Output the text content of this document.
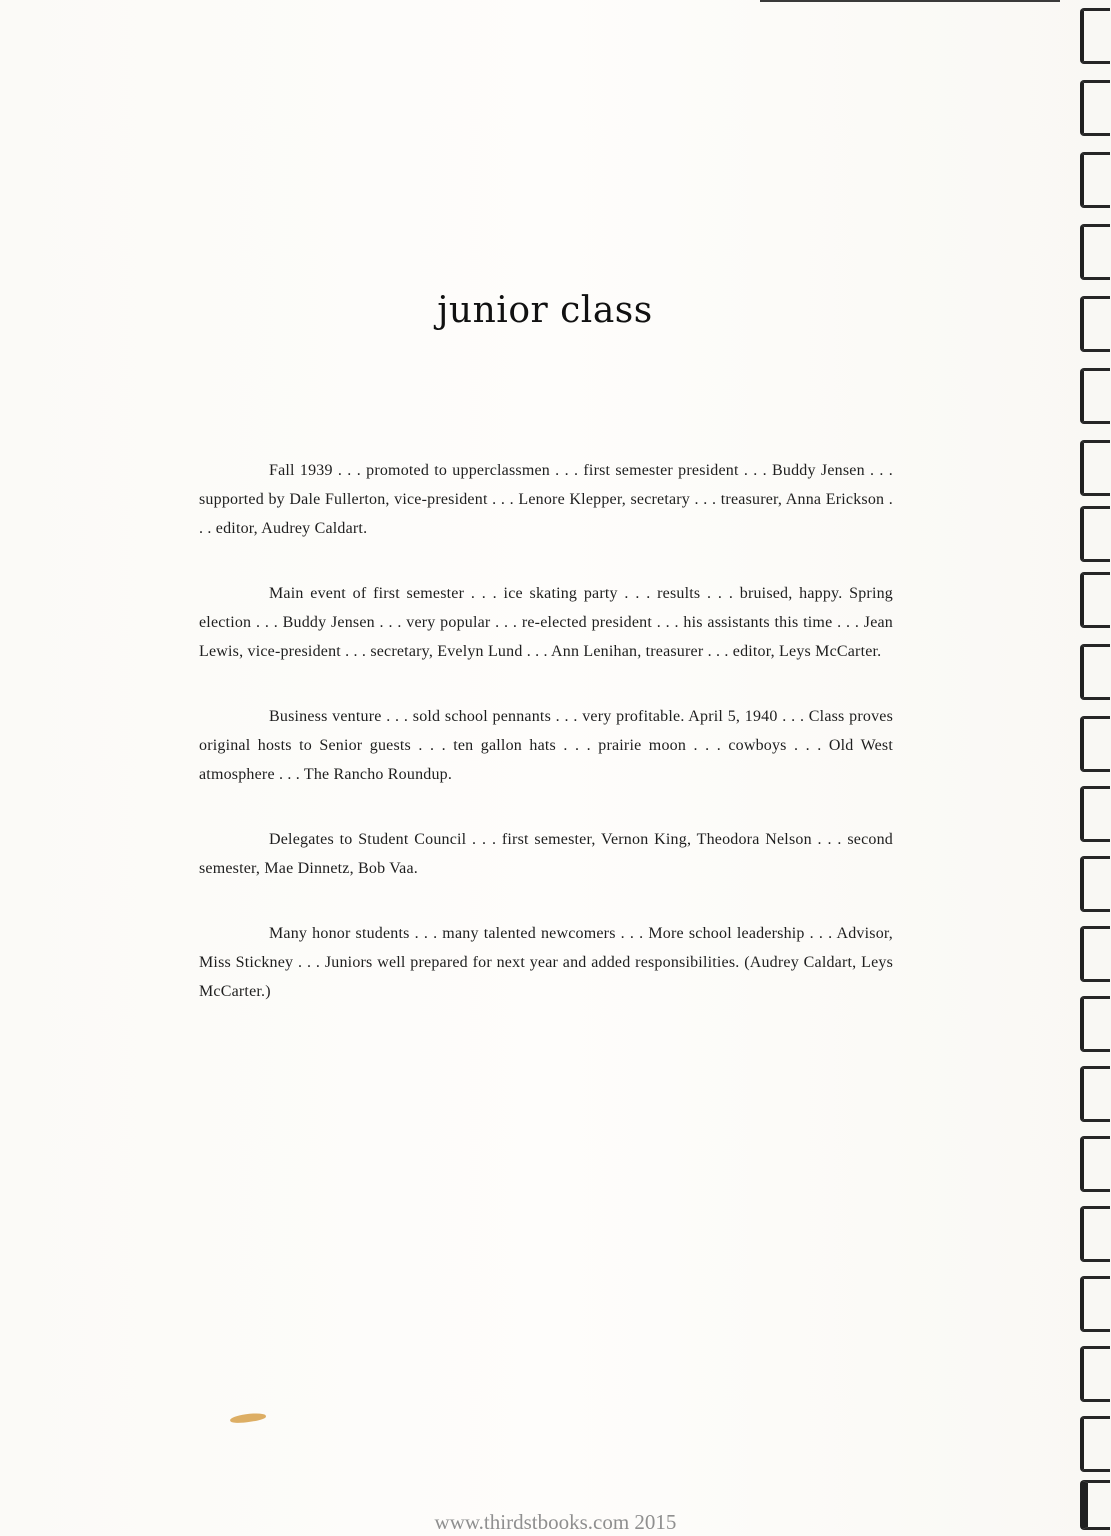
junior class

Fall 1939 . . . promoted to upperclassmen . . . first semester president . . . Buddy Jensen . . . supported by Dale Fullerton, vice-president . . . Lenore Klepper, secretary . . . treasurer, Anna Erickson . . . editor, Audrey Caldart.

Main event of first semester . . . ice skating party . . . results . . . bruised, happy. Spring election . . . Buddy Jensen . . . very popular . . . re-elected president . . . his assistants this time . . . Jean Lewis, vice-president . . . secretary, Evelyn Lund . . . Ann Lenihan, treasurer . . . editor, Leys McCarter.

Business venture . . . sold school pennants . . . very profitable. April 5, 1940 . . . Class proves original hosts to Senior guests . . . ten gallon hats . . . prairie moon . . . cowboys . . . Old West atmosphere . . . The Rancho Roundup.

Delegates to Student Council . . . first semester, Vernon King, Theodora Nelson . . . second semester, Mae Dinnetz, Bob Vaa.

Many honor students . . . many talented newcomers . . . More school leadership . . . Advisor, Miss Stickney . . . Juniors well prepared for next year and added responsibilities. (Audrey Caldart, Leys McCarter.)

www.thirdstbooks.com 2015
